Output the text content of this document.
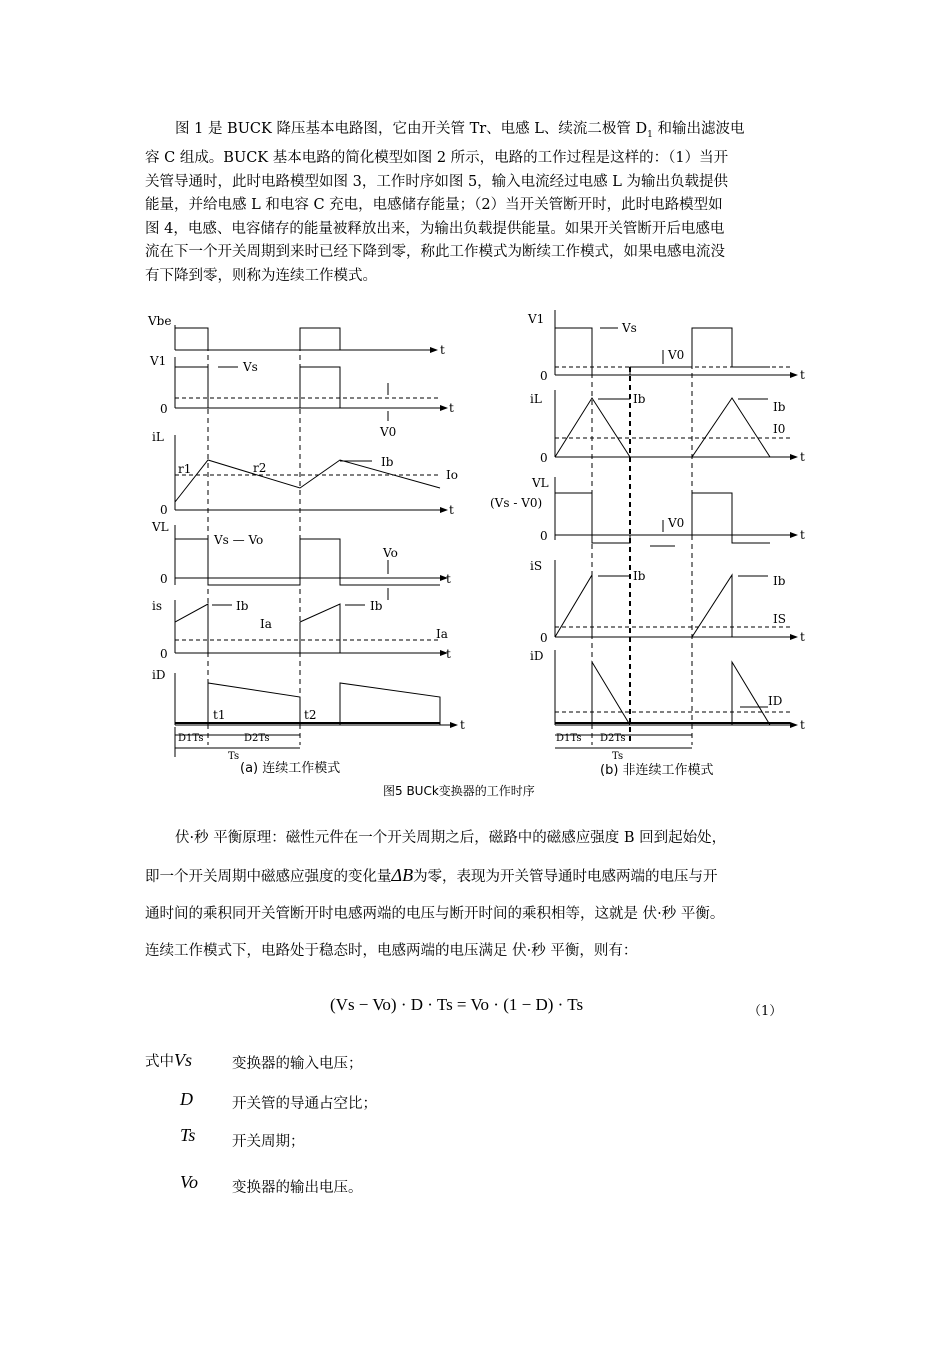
图 1 是 BUCK 降压基本电路图，它由开关管 Tr、电感 L、续流二极管 $D_1$ 和输出滤波电
容 C 组成。BUCK 基本电路的简化模型如图 2 所示，电路的工作过程是这样的：（1）当开
关管导通时，此时电路模型如图 3，工作时序如图 5，输入电流经过电感 L 为输出负载提供
能量，并给电感 L 和电容 C 充电，电感储存能量；（2）当开关管断开时，此时电路模型如
图 4，电感、电容储存的能量被释放出来，为输出负载提供能量。如果开关管断开后电感电
流在下一个开关周期到来时已经下降到零，称此工作模式为断续工作模式，如果电感电流没
有下降到零，则称为连续工作模式。
Vbe
t
V1	Vs
0	t
V0
iL
r1	r2	Ib
Io
0	t
VL
Vs — Vo
Vo
0	t
is	Ib	Ib
Ia
Ia
0	t
iD
t1	t2
t
D1Ts	D2Ts
Ts
V1
Vs
V0
0	t
iL	Ib
Ib
I0
0	t
VL
(Vs - V0)
V0
0	t
iS
Ib	Ib
IS
0	t
iD
ID
t
D1Ts D2Ts
Ts
(a) 连续工作模式	(b) 非连续工作模式
图5 BUCk变换器的工作时序
伏·秒 平衡原理：磁性元件在一个开关周期之后，磁路中的磁感应强度 B 回到起始处，
即一个开关周期中磁感应强度的变化量ΔB为零，表现为开关管导通时电感两端的电压与开
通时间的乘积同开关管断开时电感两端的电压与断开时间的乘积相等，这就是 伏·秒 平衡。
连续工作模式下，电路处于稳态时，电感两端的电压满足 伏·秒 平衡，则有：
(Vs − Vo) · D · Ts = Vo · (1 − D) · Ts	（1）
式中Vs	变换器的输入电压；
D	开关管的导通占空比；
Ts	开关周期；
Vo 变换器的输出电压。
